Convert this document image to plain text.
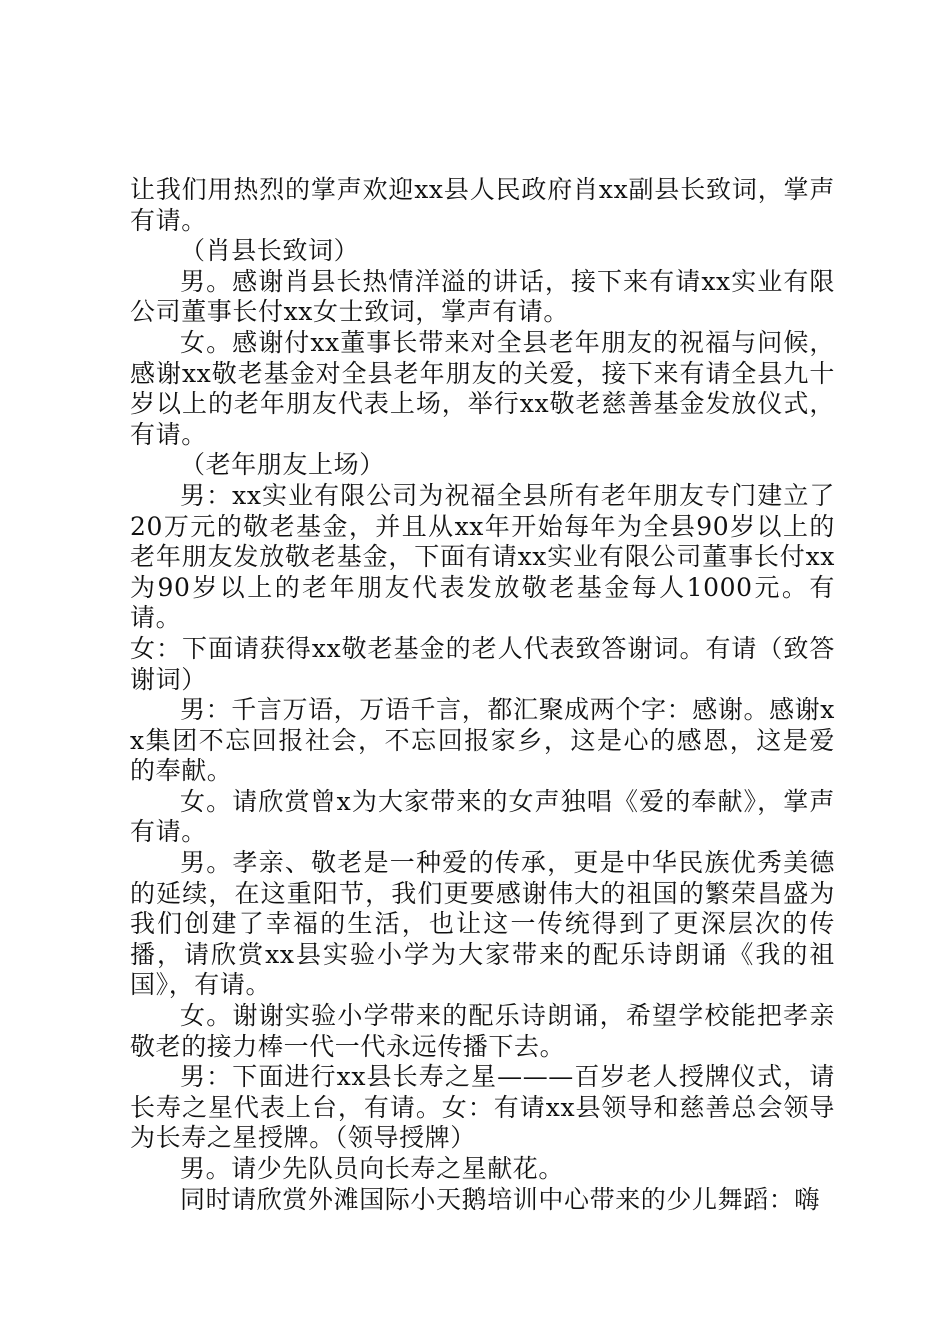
让我们用热烈的掌声欢迎xx县人民政府肖xx副县长致词，掌声有请。

（肖县长致词）

男。感谢肖县长热情洋溢的讲话，接下来有请xx实业有限公司董事长付xx女士致词，掌声有请。

女。感谢付xx董事长带来对全县老年朋友的祝福与问候，感谢xx敬老基金对全县老年朋友的关爱，接下来有请全县九十岁以上的老年朋友代表上场，举行xx敬老慈善基金发放仪式，有请。

（老年朋友上场）

男：xx实业有限公司为祝福全县所有老年朋友专门建立了20万元的敬老基金，并且从xx年开始每年为全县90岁以上的老年朋友发放敬老基金，下面有请xx实业有限公司董事长付xx为90岁以上的老年朋友代表发放敬老基金每人1000元。有请。

女：下面请获得xx敬老基金的老人代表致答谢词。有请（致答谢词）

男：千言万语，万语千言，都汇聚成两个字：感谢。感谢xx集团不忘回报社会，不忘回报家乡，这是心的感恩，这是爱的奉献。

女。请欣赏曾x为大家带来的女声独唱《爱的奉献》，掌声有请。

男。孝亲、敬老是一种爱的传承，更是中华民族优秀美德的延续，在这重阳节，我们更要感谢伟大的祖国的繁荣昌盛为我们创建了幸福的生活，也让这一传统得到了更深层次的传播，请欣赏xx县实验小学为大家带来的配乐诗朗诵《我的祖国》，有请。

女。谢谢实验小学带来的配乐诗朗诵，希望学校能把孝亲敬老的接力棒一代一代永远传播下去。

男：下面进行xx县长寿之星———百岁老人授牌仪式，请长寿之星代表上台，有请。女：有请xx县领导和慈善总会领导为长寿之星授牌。（领导授牌）

男。请少先队员向长寿之星献花。

同时请欣赏外滩国际小天鹅培训中心带来的少儿舞蹈：嗨
